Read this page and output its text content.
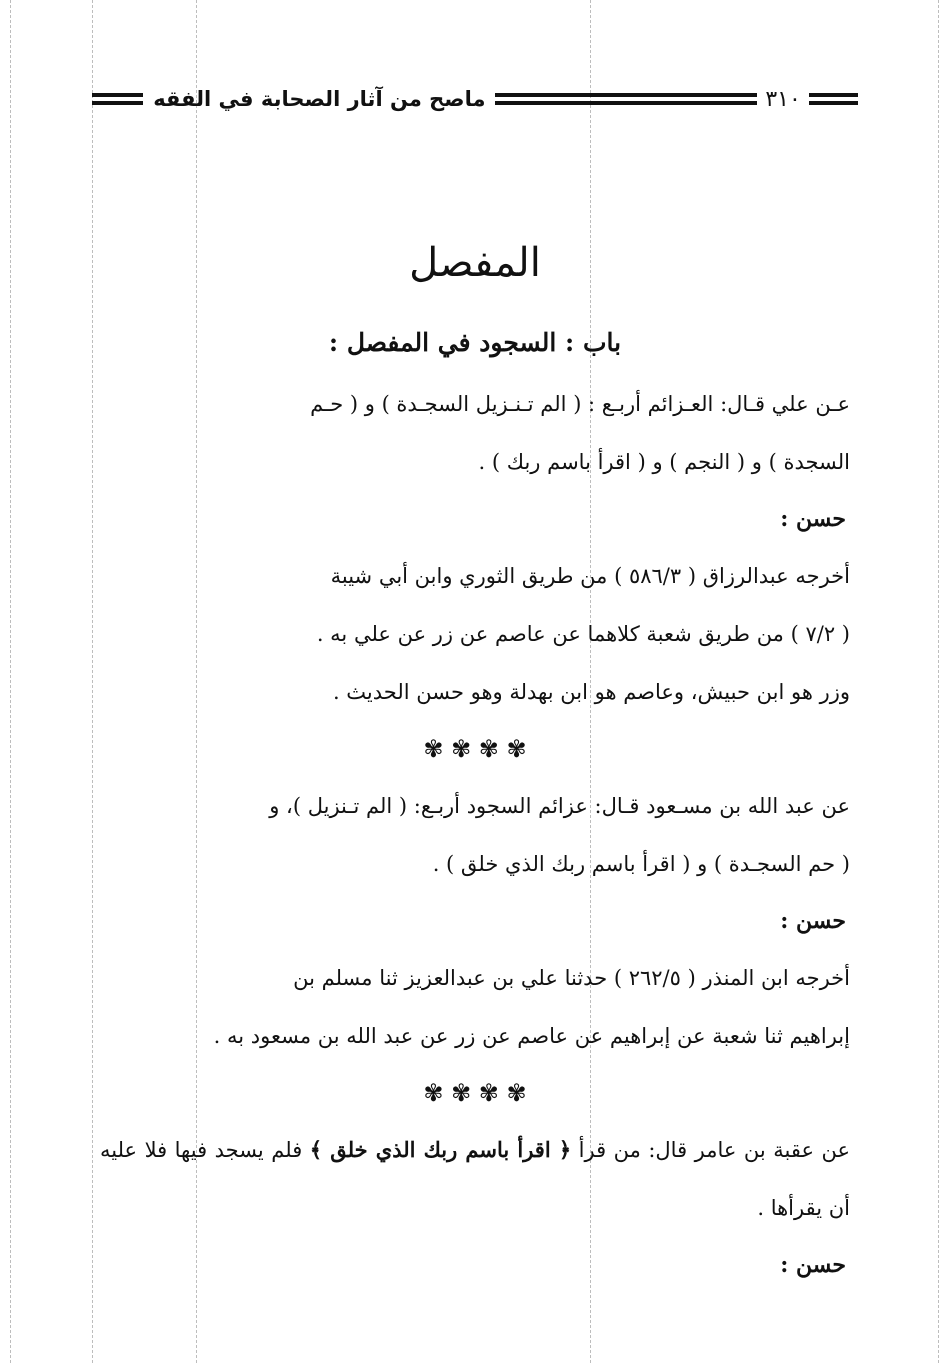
٣١٠
ماصح من آثار الصحابة في الفقه
المفصل
باب : السجود في المفصل :

عـن علي قـال: العـزائم أربـع : ( الم تـنـزيل السجـدة ) و ( حـم
السجدة ) و ( النجم ) و ( اقرأ باسم ربك ) .

حسن :

أخرجه عبدالرزاق ( ٥٨٦/٣ ) من طريق الثوري وابن أبي شيبة
( ٧/٢ ) من طريق شعبة كلاهما عن عاصم عن زر عن علي به .
وزر هو ابن حبيش، وعاصم هو ابن بهدلة وهو حسن الحديث .

✾ ✾ ✾ ✾

عن عبد الله بن مسـعود قـال: عزائم السجود أربـع: ( الم تـنزيل )، و
( حم السجـدة ) و ( اقرأ باسم ربك الذي خلق ) .

حسن :

أخرجه ابن المنذر ( ٢٦٢/٥ ) حدثنا علي بن عبدالعزيز ثنا مسلم بن
إبراهيم ثنا شعبة عن إبراهيم عن عاصم عن زر عن عبد الله بن مسعود به .

✾ ✾ ✾ ✾

عن عقبة بن عامر قال: من قرأ ﴿ اقرأ باسم ربك الذي خلق ﴾ فلم يسجد فيها فلا عليه أن يقرأها .

حسن :
